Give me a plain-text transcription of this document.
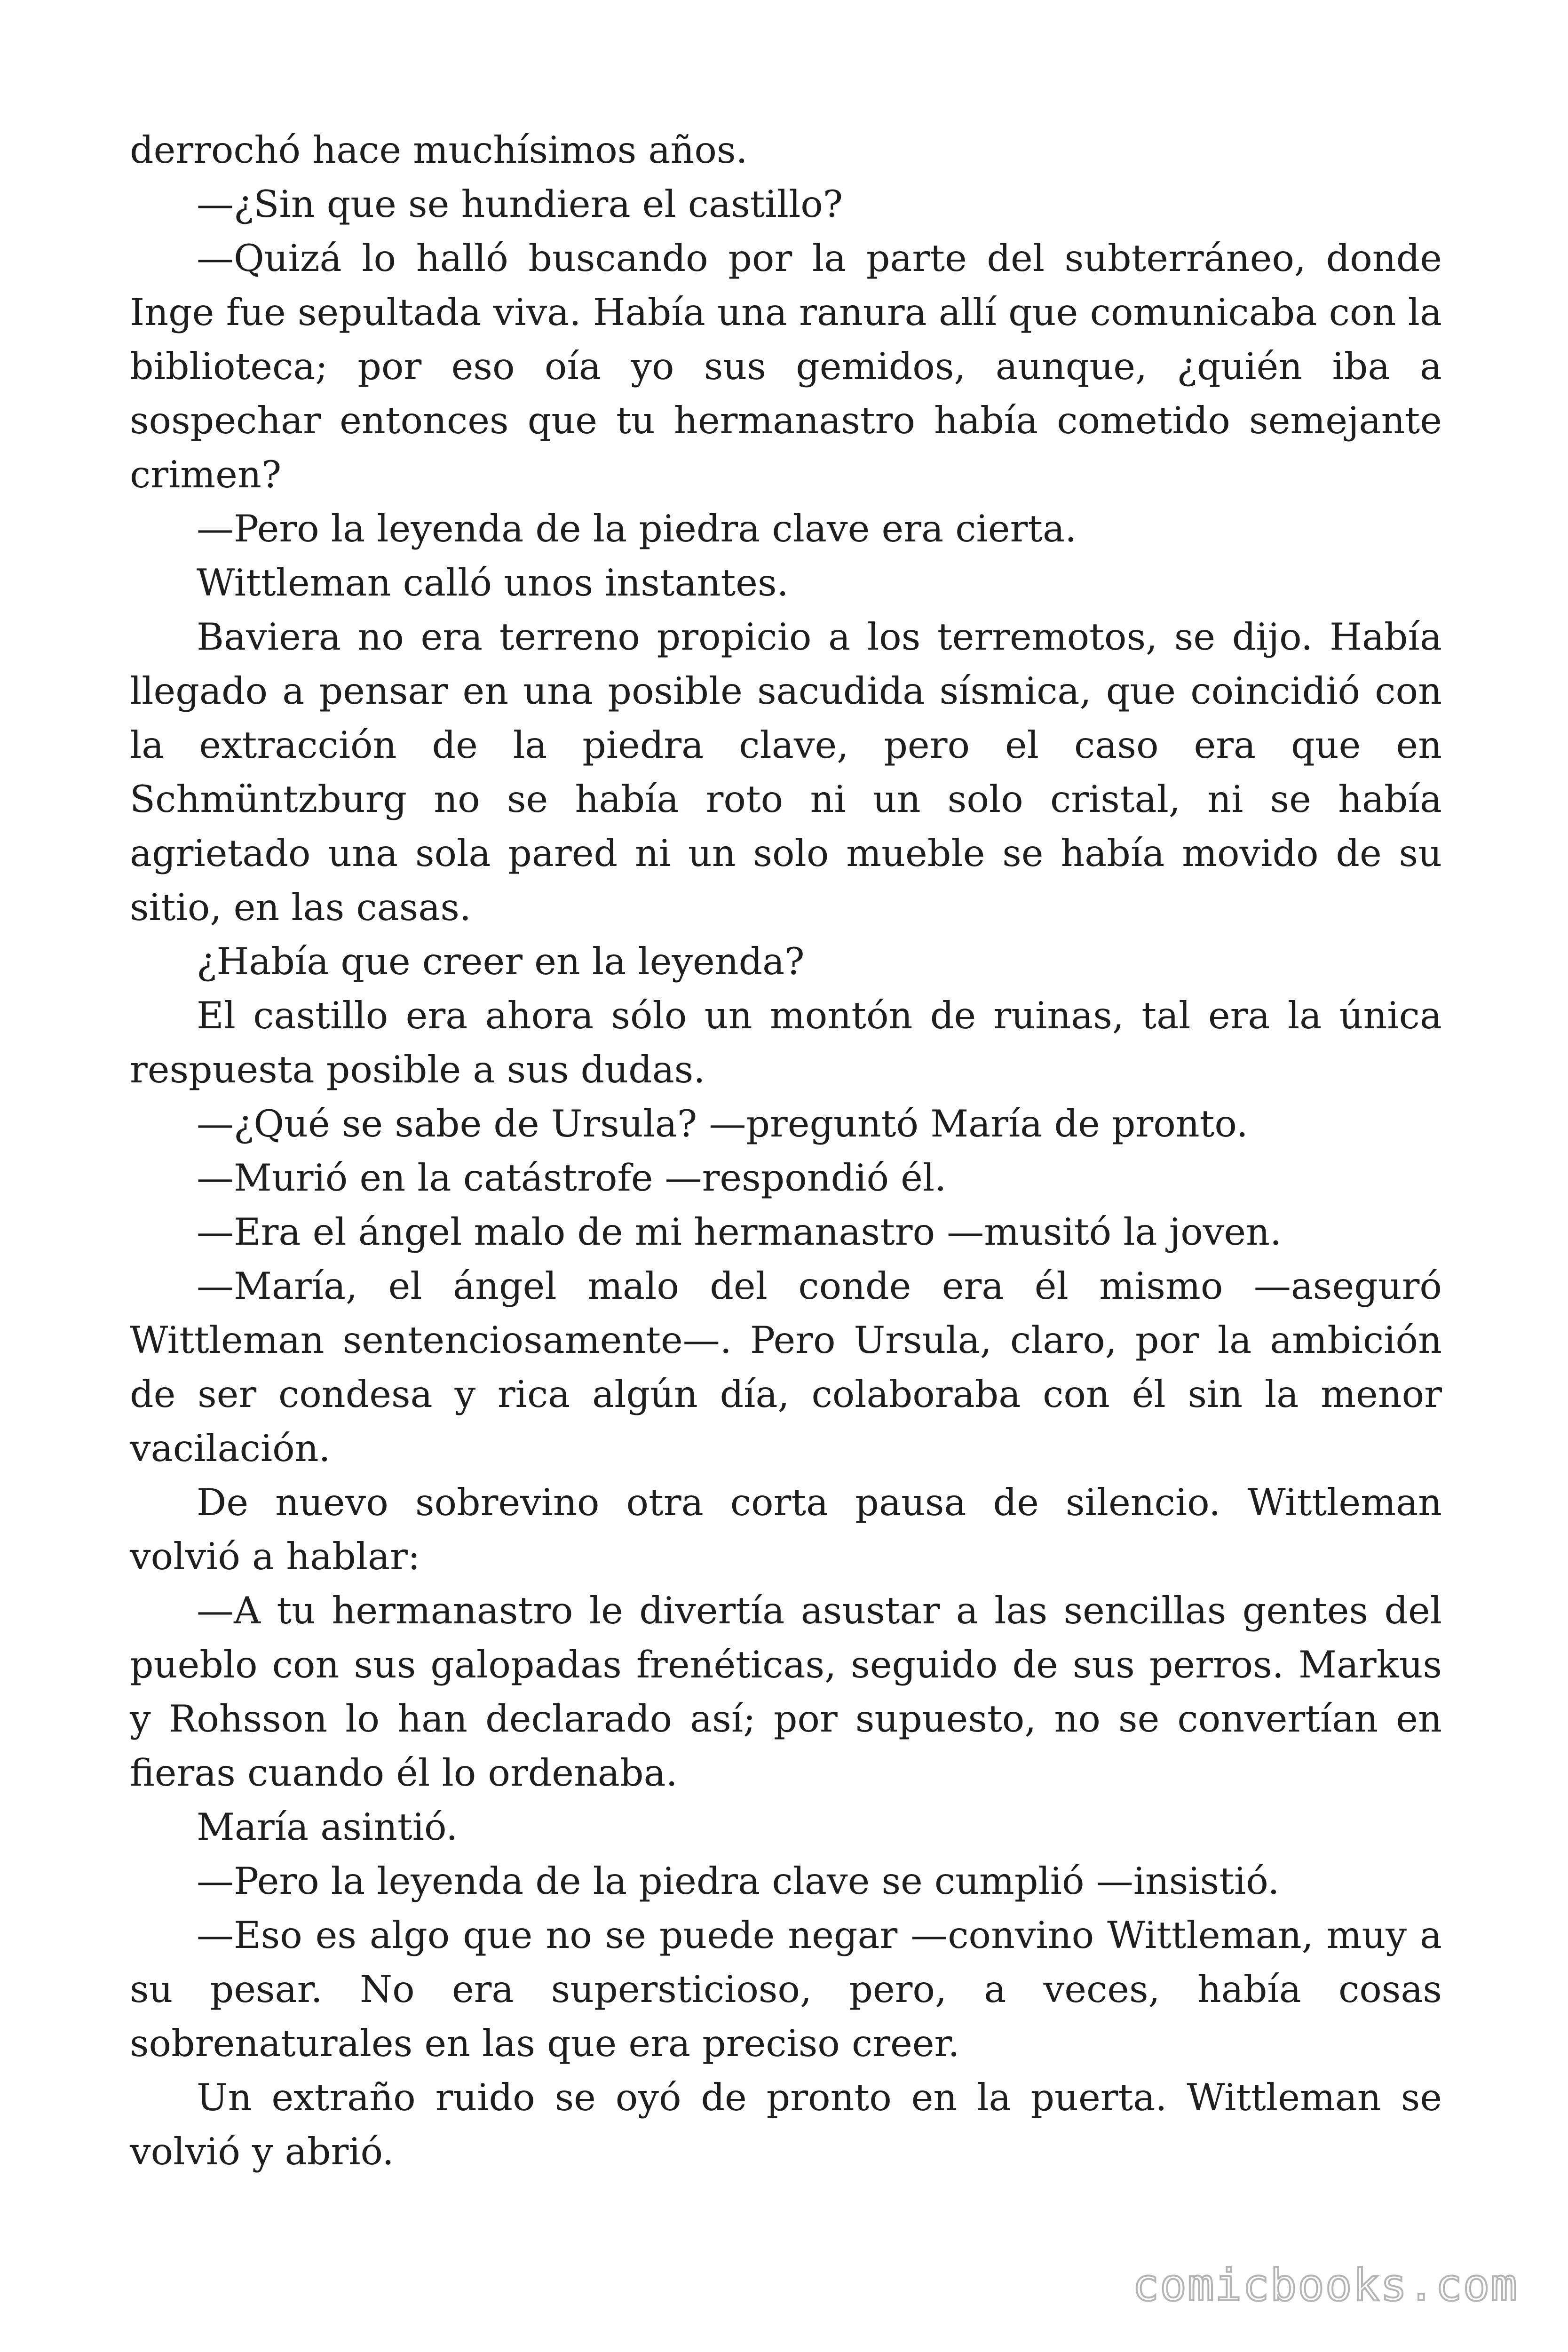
derrochó hace muchísimos años.

—¿Sin que se hundiera el castillo?

—Quizá lo halló buscando por la parte del subterráneo, donde Inge fue sepultada viva. Había una ranura allí que comunicaba con la biblioteca; por eso oía yo sus gemidos, aunque, ¿quién iba a sospechar entonces que tu hermanastro había cometido semejante crimen?

—Pero la leyenda de la piedra clave era cierta.

Wittleman calló unos instantes.

Baviera no era terreno propicio a los terremotos, se dijo. Había llegado a pensar en una posible sacudida sísmica, que coincidió con la extracción de la piedra clave, pero el caso era que en Schmüntzburg no se había roto ni un solo cristal, ni se había agrietado una sola pared ni un solo mueble se había movido de su sitio, en las casas.

¿Había que creer en la leyenda?

El castillo era ahora sólo un montón de ruinas, tal era la única respuesta posible a sus dudas.

—¿Qué se sabe de Ursula? —preguntó María de pronto.

—Murió en la catástrofe —respondió él.

—Era el ángel malo de mi hermanastro —musitó la joven.

—María, el ángel malo del conde era él mismo —aseguró Wittleman sentenciosamente—. Pero Ursula, claro, por la ambición de ser condesa y rica algún día, colaboraba con él sin la menor vacilación.

De nuevo sobrevino otra corta pausa de silencio. Wittleman volvió a hablar:

—A tu hermanastro le divertía asustar a las sencillas gentes del pueblo con sus galopadas frenéticas, seguido de sus perros. Markus y Rohsson lo han declarado así; por supuesto, no se convertían en fieras cuando él lo ordenaba.

María asintió.

—Pero la leyenda de la piedra clave se cumplió —insistió.

—Eso es algo que no se puede negar —convino Wittleman, muy a su pesar. No era supersticioso, pero, a veces, había cosas sobrenaturales en las que era preciso creer.

Un extraño ruido se oyó de pronto en la puerta. Wittleman se volvió y abrió.

comicbooks.com
